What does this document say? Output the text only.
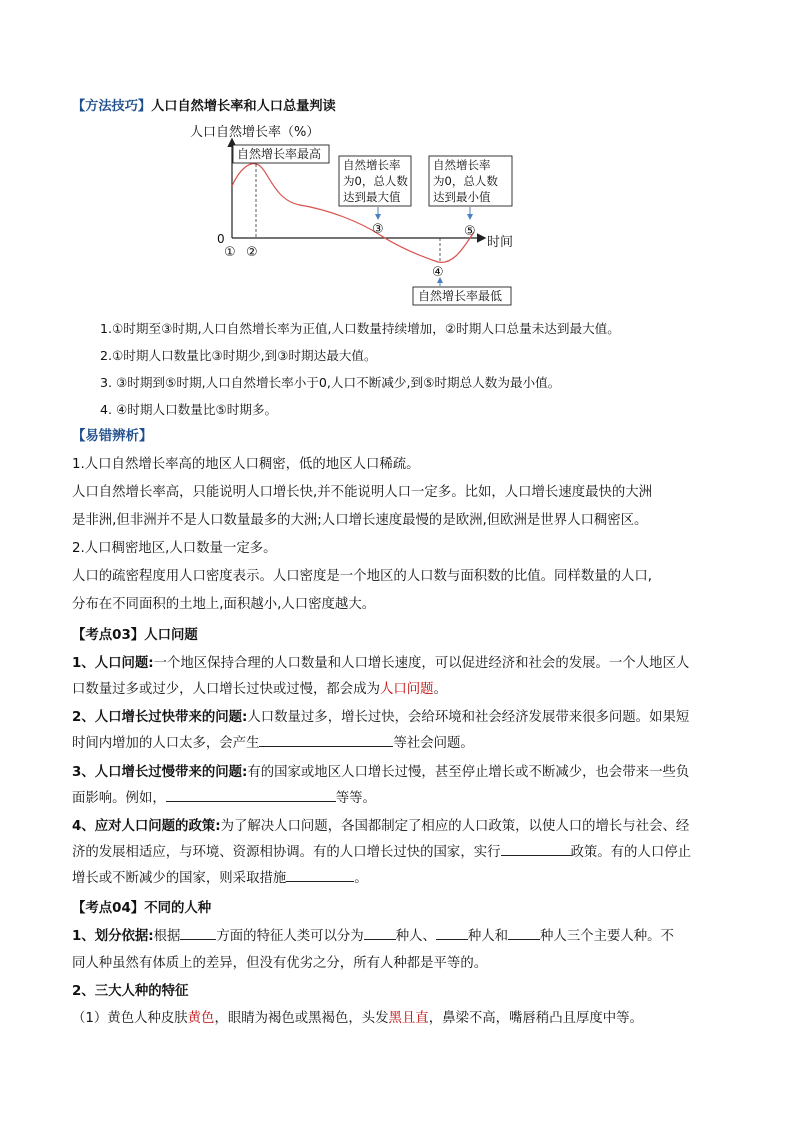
【方法技巧】人口自然增长率和人口总量判读
人口自然增长率（%）
0	时间
① ②
③
④
⑤
自然增长率最高
自然增长率
为0，总人数
达到最大值
自然增长率
为0，总人数
达到最小值
自然增长率最低
1.①时期至③时期,人口自然增长率为正值,人口数量持续增加，②时期人口总量未达到最大值。
2.①时期人口数量比③时期少,到③时期达最大值。
3. ③时期到⑤时期,人口自然增长率小于0,人口不断减少,到⑤时期总人数为最小值。
4. ④时期人口数量比⑤时期多。
【易错辨析】
1.人口自然增长率高的地区人口稠密，低的地区人口稀疏。
人口自然增长率高，只能说明人口增长快,并不能说明人口一定多。比如，人口增长速度最快的大洲
是非洲,但非洲并不是人口数量最多的大洲;人口增长速度最慢的是欧洲,但欧洲是世界人口稠密区。
2.人口稠密地区,人口数量一定多。
人口的疏密程度用人口密度表示。人口密度是一个地区的人口数与面积数的比值。同样数量的人口,
分布在不同面积的土地上,面积越小,人口密度越大。
【考点03】人口问题
1、人口问题:一个地区保持合理的人口数量和人口增长速度，可以促进经济和社会的发展。一个人地区人
口数量过多或过少，人口增长过快或过慢，都会成为人口问题。
2、人口增长过快带来的问题:人口数量过多，增长过快，会给环境和社会经济发展带来很多问题。如果短
时间内增加的人口太多，会产生	等社会问题。
3、人口增长过慢带来的问题:有的国家或地区人口增长过慢，甚至停止增长或不断减少，也会带来一些负
面影响。例如，	等等。
4、应对人口问题的政策:为了解决人口问题，各国都制定了相应的人口政策，以使人口的增长与社会、经
济的发展相适应，与环境、资源相协调。有的人口增长过快的国家，实行	政策。有的人口停止
增长或不断减少的国家，则采取措施	。
【考点04】不同的人种
1、划分依据:根据	方面的特征人类可以分为 种人、 种人和 种人三个主要人种。不
同人种虽然有体质上的差异，但没有优劣之分，所有人种都是平等的。
2、三大人种的特征
（1）黄色人种皮肤黄色，眼睛为褐色或黑褐色，头发黑且直，鼻梁不高，嘴唇稍凸且厚度中等。
